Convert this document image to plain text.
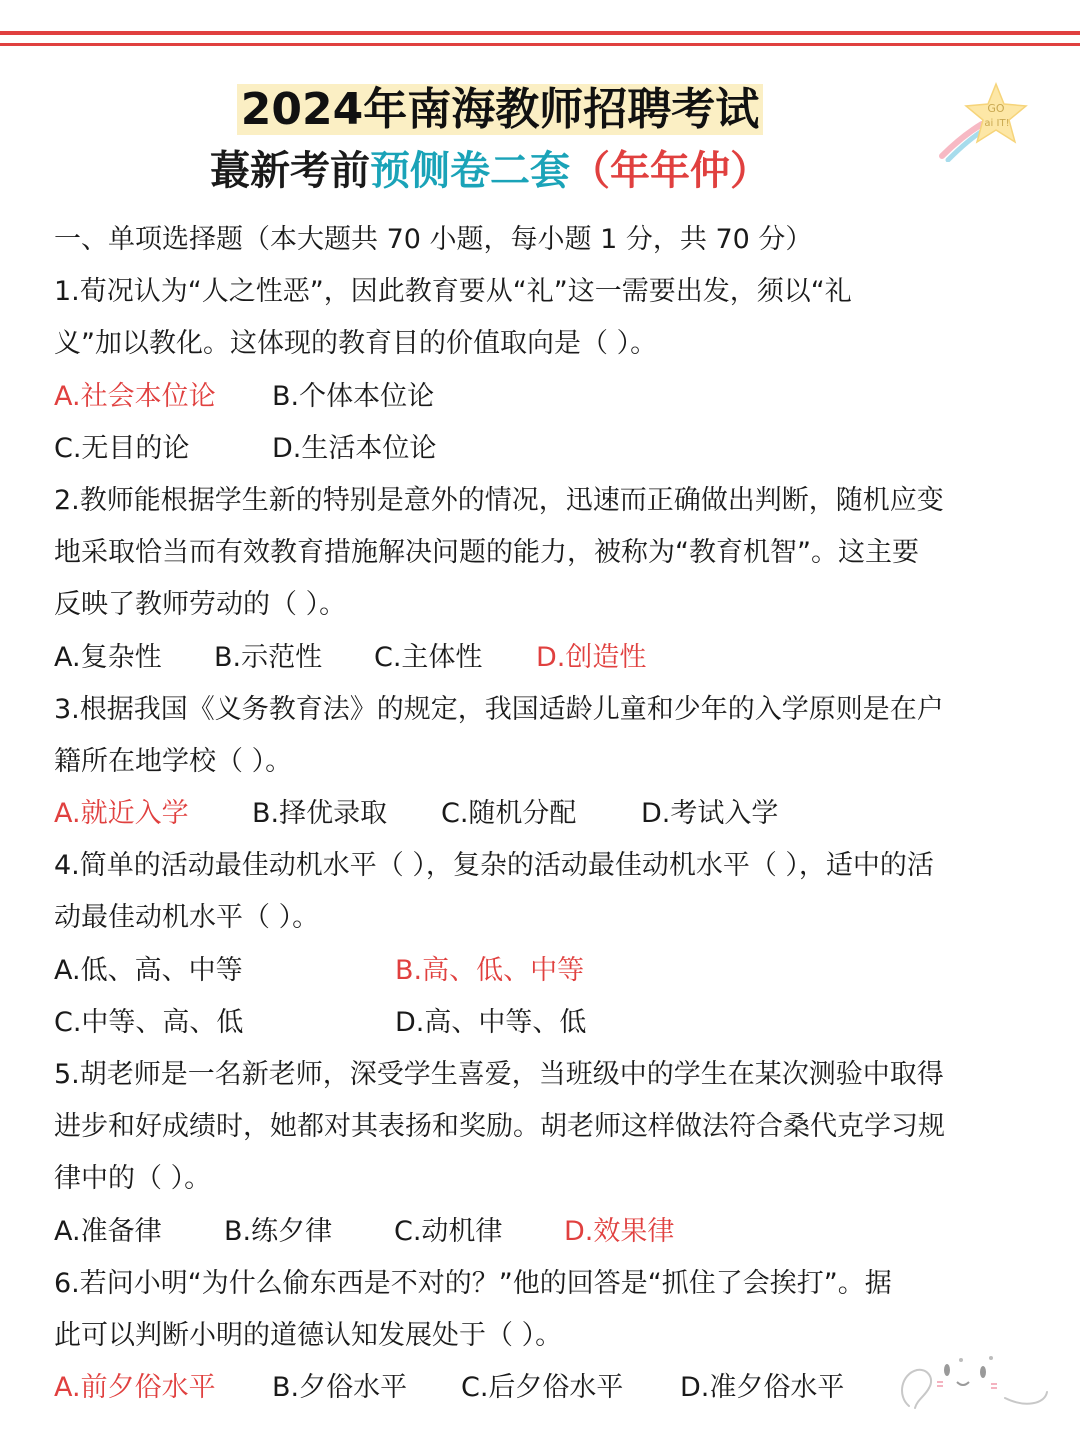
2024年南海教师招聘考试
蕞新考前预侧卷二套（年年仲）
GO
ai IT!
一、单项选择题（本大题共 70 小题，每小题 1 分，共 70 分）
1.荀况认为“人之性恶”，因此教育要从“礼”这一需要出发，须以“礼
义”加以教化。这体现的教育目的价值取向是（ ）。
A.社会本位论 B.个体本位论
C.无目的论	D.生活本位论
2.教师能根据学生新的特别是意外的情况，迅速而正确做出判断，随机应变
地采取恰当而有效教育措施解决问题的能力，被称为“教育机智”。这主要
反映了教师劳动的（ ）。
A.复杂性 B.示范性 C.主体性 D.创造性
3.根据我国《义务教育法》的规定，我国适龄儿童和少年的入学原则是在户
籍所在地学校（ ）。
A.就近入学 B.择优录取 C.随机分配 D.考试入学
4.简单的活动最佳动机水平（ ），复杂的活动最佳动机水平（ ），适中的活
动最佳动机水平（ ）。
A.低、高、中等	B.高、低、中等
C.中等、高、低	D.高、中等、低
5.胡老师是一名新老师，深受学生喜爱，当班级中的学生在某次测验中取得
进步和好成绩时，她都对其表扬和奖励。胡老师这样做法符合桑代克学习规
律中的（ ）。
A.准备律 B.练夕律 C.动机律 D.效果律
6.若问小明“为什么偷东西是不对的？”他的回答是“抓住了会挨打”。据
此可以判断小明的道德认知发展处于（ ）。
A.前夕俗水平 B.夕俗水平 C.后夕俗水平 D.准夕俗水平
